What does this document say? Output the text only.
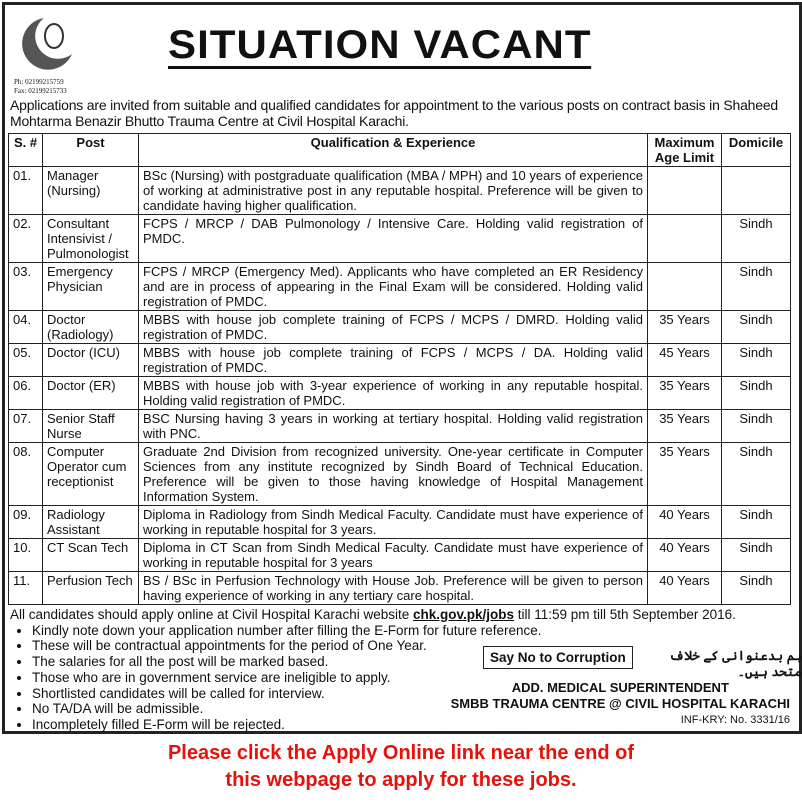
Ph: 02199215759
Fax: 02199215733
SITUATION VACANT
Applications are invited from suitable and qualified candidates for appointment to the various posts on contract basis in Shaheed Mohtarma Benazir Bhutto Trauma Centre at Civil Hospital Karachi.
S. #	Post	Qualification & Experience	Maximum Age Limit	Domicile
01.	Manager (Nursing)	BSc (Nursing) with postgraduate qualification (MBA / MPH) and 10 years of experience of working at administrative post in any reputable hospital. Preference will be given to candidate having higher qualification.		
02.	Consultant Intensivist / Pulmonologist	FCPS / MRCP / DAB Pulmonology / Intensive Care. Holding valid registration of PMDC.		Sindh
03.	Emergency Physician	FCPS / MRCP (Emergency Med). Applicants who have completed an ER Residency and are in process of appearing in the Final Exam will be considered. Holding valid registration of PMDC.		Sindh
04.	Doctor (Radiology)	MBBS with house job complete training of FCPS / MCPS / DMRD. Holding valid registration of PMDC.	35 Years	Sindh
05.	Doctor (ICU)	MBBS with house job complete training of FCPS / MCPS / DA. Holding valid registration of PMDC.	45 Years	Sindh
06.	Doctor (ER)	MBBS with house job with 3-year experience of working in any reputable hospital. Holding valid registration of PMDC.	35 Years	Sindh
07.	Senior Staff Nurse	BSC Nursing having 3 years in working at tertiary hospital. Holding valid registration with PNC.	35 Years	Sindh
08.	Computer Operator cum receptionist	Graduate 2nd Division from recognized university. One-year certificate in Computer Sciences from any institute recognized by Sindh Board of Technical Education. Preference will be given to those having knowledge of Hospital Management Information System.	35 Years	Sindh
09.	Radiology Assistant	Diploma in Radiology from Sindh Medical Faculty. Candidate must have experience of working in reputable hospital for 3 years.	40 Years	Sindh
10.	CT Scan Tech	Diploma in CT Scan from Sindh Medical Faculty. Candidate must have experience of working in reputable hospital for 3 years	40 Years	Sindh
11.	Perfusion Tech	BS / BSc in Perfusion Technology with House Job. Preference will be given to person having experience of working in any tertiary care hospital.	40 Years	Sindh
All candidates should apply online at Civil Hospital Karachi website chk.gov.pk/jobs till 11:59 pm till 5th September 2016.
• Kindly note down your application number after filling the E-Form for future reference.
• These will be contractual appointments for the period of One Year.
• The salaries for all the post will be marked based.
• Those who are in government service are ineligible to apply.
• Shortlisted candidates will be called for interview.
• No TA/DA will be admissible.
• Incompletely filled E-Form will be rejected.
Say No to Corruption	ہم بدعنوانی کے خلاف متحد ہیں۔
ADD. MEDICAL SUPERINTENDENT
SMBB TRAUMA CENTRE @ CIVIL HOSPITAL KARACHI
INF-KRY: No. 3331/16
Please click the Apply Online link near the end of
this webpage to apply for these jobs.
